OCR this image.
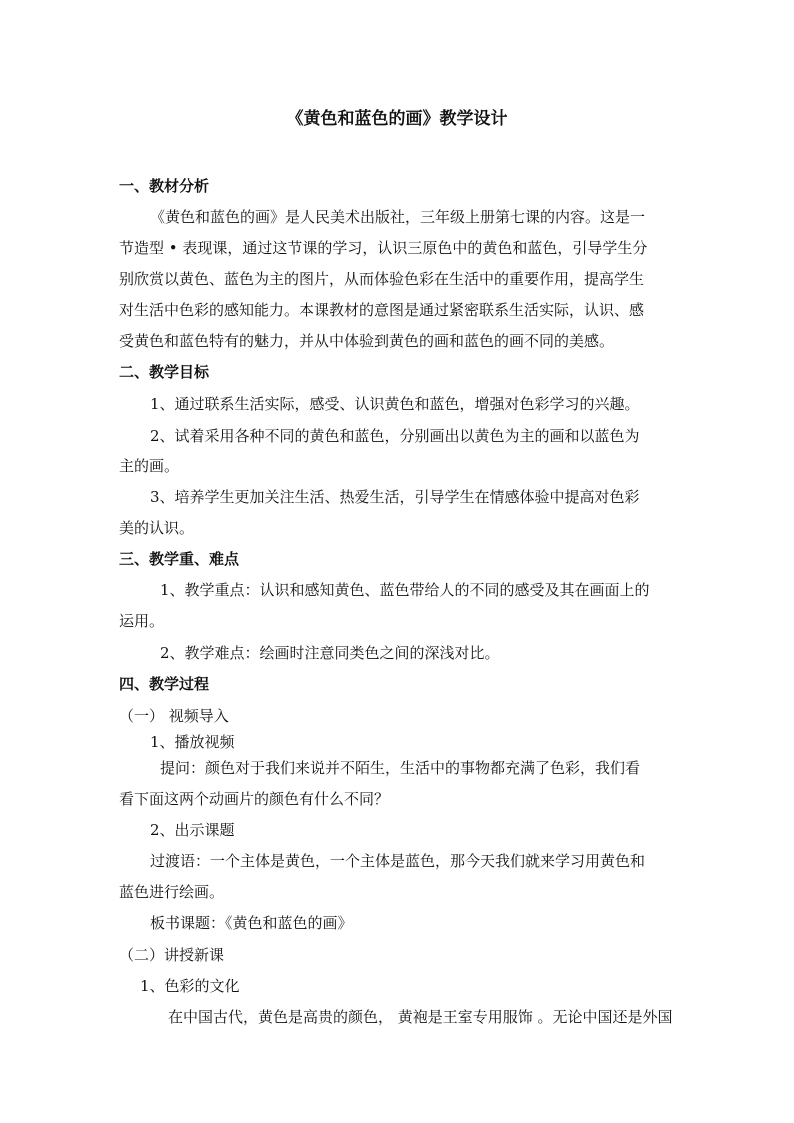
《黄色和蓝色的画》教学设计
一、教材分析
《黄色和蓝色的画》是人民美术出版社，三年级上册第七课的内容。这是一
节造型 • 表现课，通过这节课的学习，认识三原色中的黄色和蓝色，引导学生分
别欣赏以黄色、蓝色为主的图片，从而体验色彩在生活中的重要作用，提高学生
对生活中色彩的感知能力。本课教材的意图是通过紧密联系生活实际，认识、感
受黄色和蓝色特有的魅力，并从中体验到黄色的画和蓝色的画不同的美感。
二、教学目标
1、通过联系生活实际，感受、认识黄色和蓝色，增强对色彩学习的兴趣。
2、试着采用各种不同的黄色和蓝色，分别画出以黄色为主的画和以蓝色为
主的画。
3、培养学生更加关注生活、热爱生活，引导学生在情感体验中提高对色彩
美的认识。
三、教学重、难点
1、教学重点：认识和感知黄色、蓝色带给人的不同的感受及其在画面上的
运用。
2、教学难点：绘画时注意同类色之间的深浅对比。
四、教学过程
（一） 视频导入
1、播放视频
提问：颜色对于我们来说并不陌生，生活中的事物都充满了色彩，我们看
看下面这两个动画片的颜色有什么不同？
2、出示课题
过渡语：一个主体是黄色，一个主体是蓝色，那今天我们就来学习用黄色和
蓝色进行绘画。
板书课题：《黄色和蓝色的画》
（二）讲授新课
1、色彩的文化
在中国古代，黄色是高贵的颜色， 黄袍是王室专用服饰 。无论中国还是外国
